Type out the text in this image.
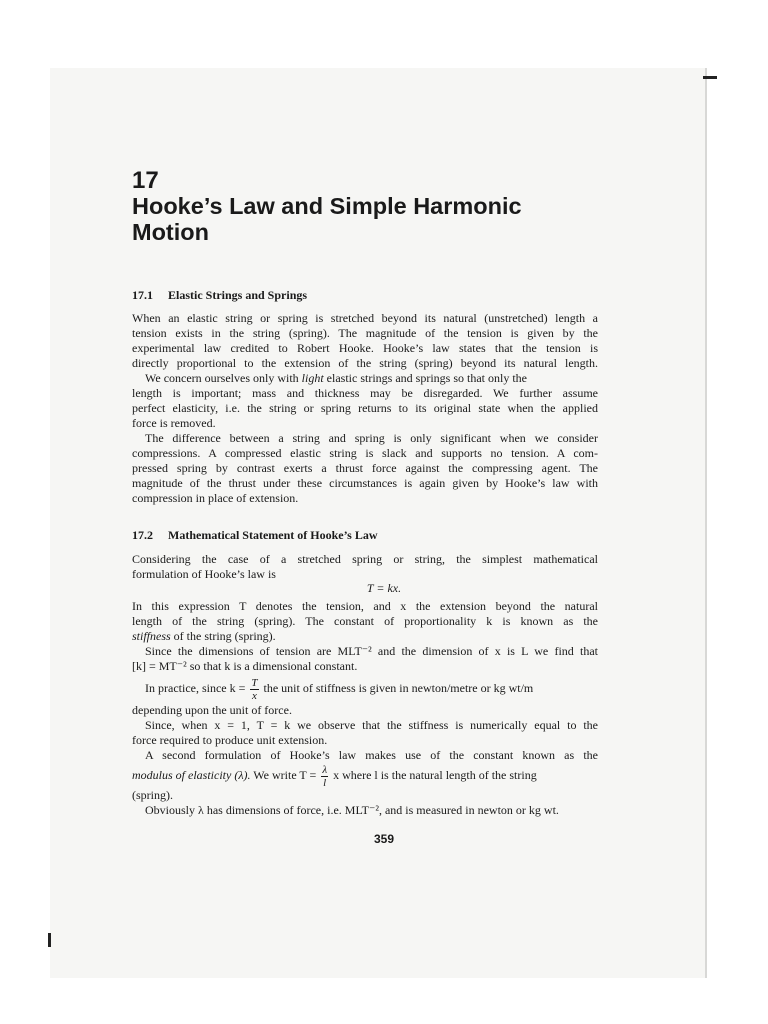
17
Hooke’s Law and Simple Harmonic
Motion
17.1 Elastic Strings and Springs
When an elastic string or spring is stretched beyond its natural (unstretched) length a
tension exists in the string (spring). The magnitude of the tension is given by the
experimental law credited to Robert Hooke. Hooke’s law states that the tension is
directly proportional to the extension of the string (spring) beyond its natural length.
We concern ourselves only with light elastic strings and springs so that only the
length is important; mass and thickness may be disregarded. We further assume
perfect elasticity, i.e. the string or spring returns to its original state when the applied
force is removed.
The difference between a string and spring is only significant when we consider
compressions. A compressed elastic string is slack and supports no tension. A com-
pressed spring by contrast exerts a thrust force against the compressing agent. The
magnitude of the thrust under these circumstances is again given by Hooke’s law with
compression in place of extension.
17.2 Mathematical Statement of Hooke’s Law
Considering the case of a stretched spring or string, the simplest mathematical
formulation of Hooke’s law is
T = kx.
In this expression T denotes the tension, and x the extension beyond the natural
length of the string (spring). The constant of proportionality k is known as the
stiffness of the string (spring).
Since the dimensions of tension are MLT⁻² and the dimension of x is L we find that
[k] = MT⁻² so that k is a dimensional constant.
In practice, since $k = \frac{T}{x}$ the unit of stiffness is given in newton/metre or kg wt/m
depending upon the unit of force.
Since, when x = 1, T = k we observe that the stiffness is numerically equal to the
force required to produce unit extension.
A second formulation of Hooke’s law makes use of the constant known as the
modulus of elasticity (λ). We write $T = \frac{\lambda}{l}$ x where l is the natural length of the string
(spring).
Obviously λ has dimensions of force, i.e. MLT⁻², and is measured in newton or kg wt.
359
